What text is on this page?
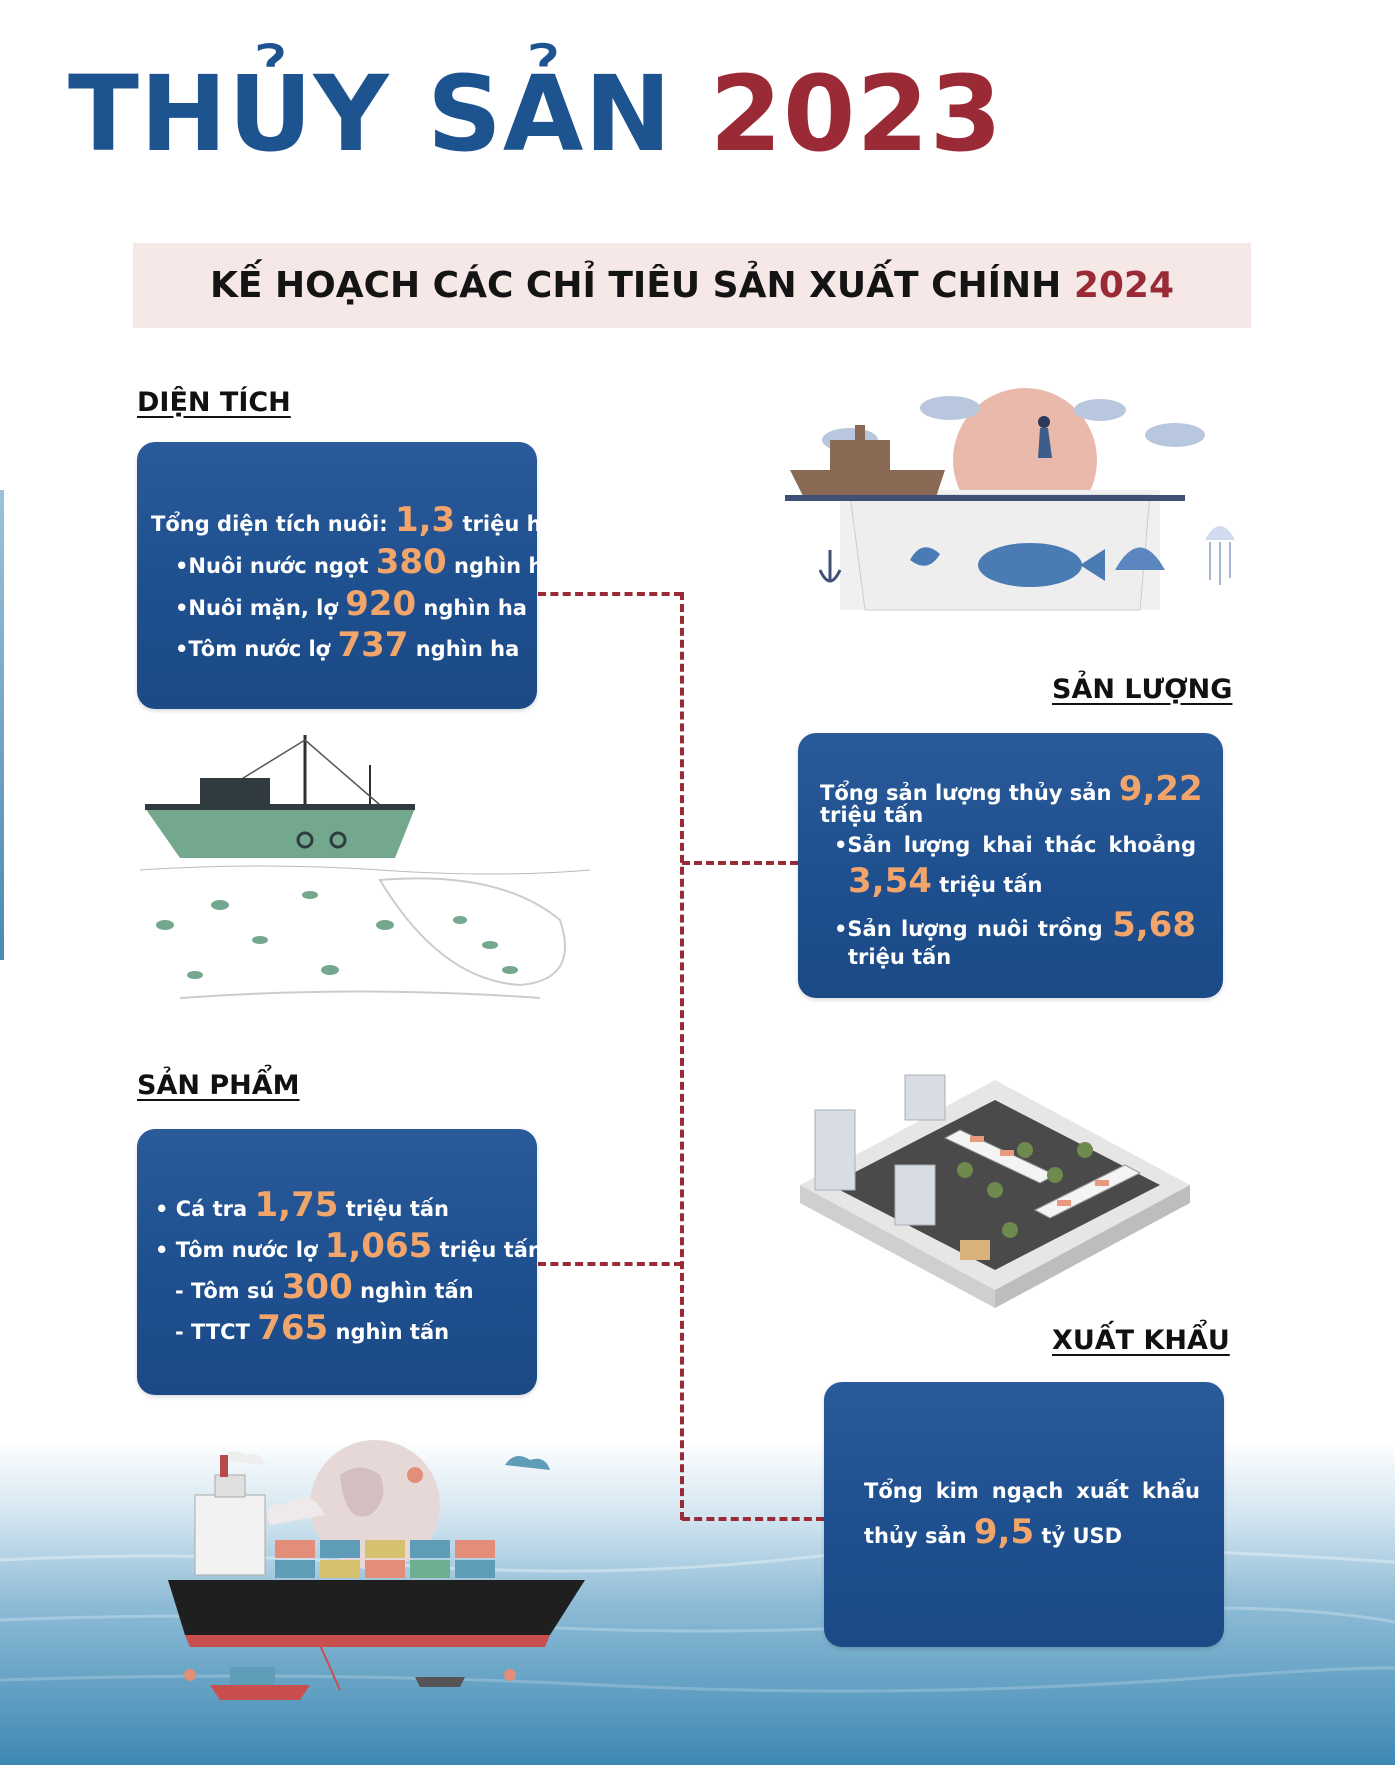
THỦY SẢN 2023
KẾ HOẠCH CÁC CHỈ TIÊU SẢN XUẤT CHÍNH 2024
DIỆN TÍCH
Tổng diện tích nuôi: 1,3 triệu ha
•Nuôi nước ngọt 380 nghìn ha
•Nuôi mặn, lợ 920 nghìn ha
•Tôm nước lợ 737 nghìn ha
SẢN LƯỢNG
Tổng sản lượng thủy sản 9,22
triệu tấn
•Sản lượng khai thác khoảng
3,54 triệu tấn
•Sản lượng nuôi trồng 5,68
triệu tấn
SẢN PHẨM
• Cá tra 1,75 triệu tấn
• Tôm nước lợ 1,065 triệu tấn
- Tôm sú 300 nghìn tấn
- TTCT 765 nghìn tấn	XUẤT KHẨU
Tổng kim ngạch xuất khẩu
thủy sản 9,5 tỷ USD
